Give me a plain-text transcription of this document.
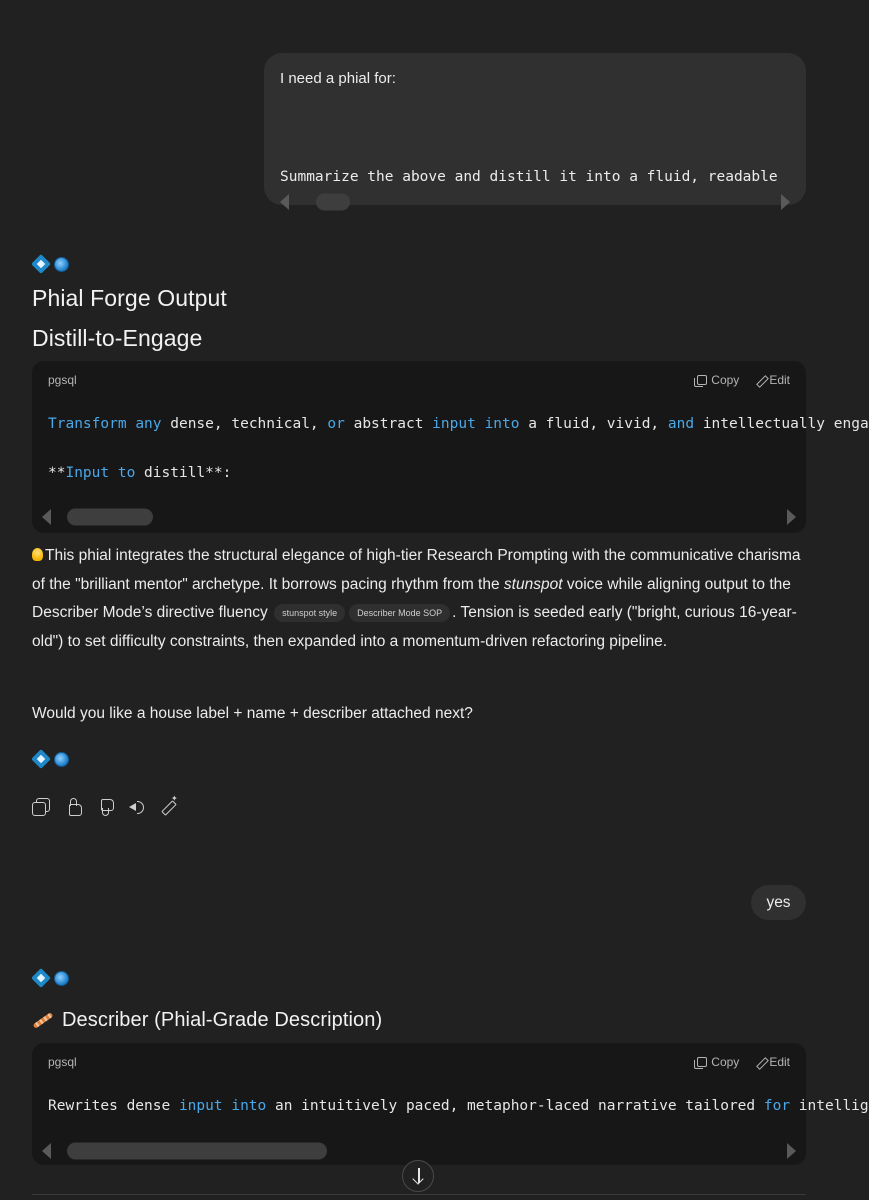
I need a phial for:
Summarize the above and distill it into a fluid, readable
Phial Forge Output
Distill-to-Engage
pgsql	Copy	Edit
Transform any dense, technical, or abstract input into a fluid, vivid, and intellectually enga
**Input to distill**:
This phial integrates the structural elegance of high-tier Research Prompting with the communicative charisma of the "brilliant mentor" archetype. It borrows pacing rhythm from the stunspot voice while aligning output to the Describer Mode’s directive fluency stunspot style Describer Mode SOP . Tension is seeded early ("bright, curious 16-year-old") to set difficulty constraints, then expanded into a momentum-driven refactoring pipeline.
Would you like a house label + name + describer attached next?
✦
yes
Describer (Phial-Grade Description)
pgsql	Copy	Edit
Rewrites dense input into an intuitively paced, metaphor-laced narrative tailored for intellig
